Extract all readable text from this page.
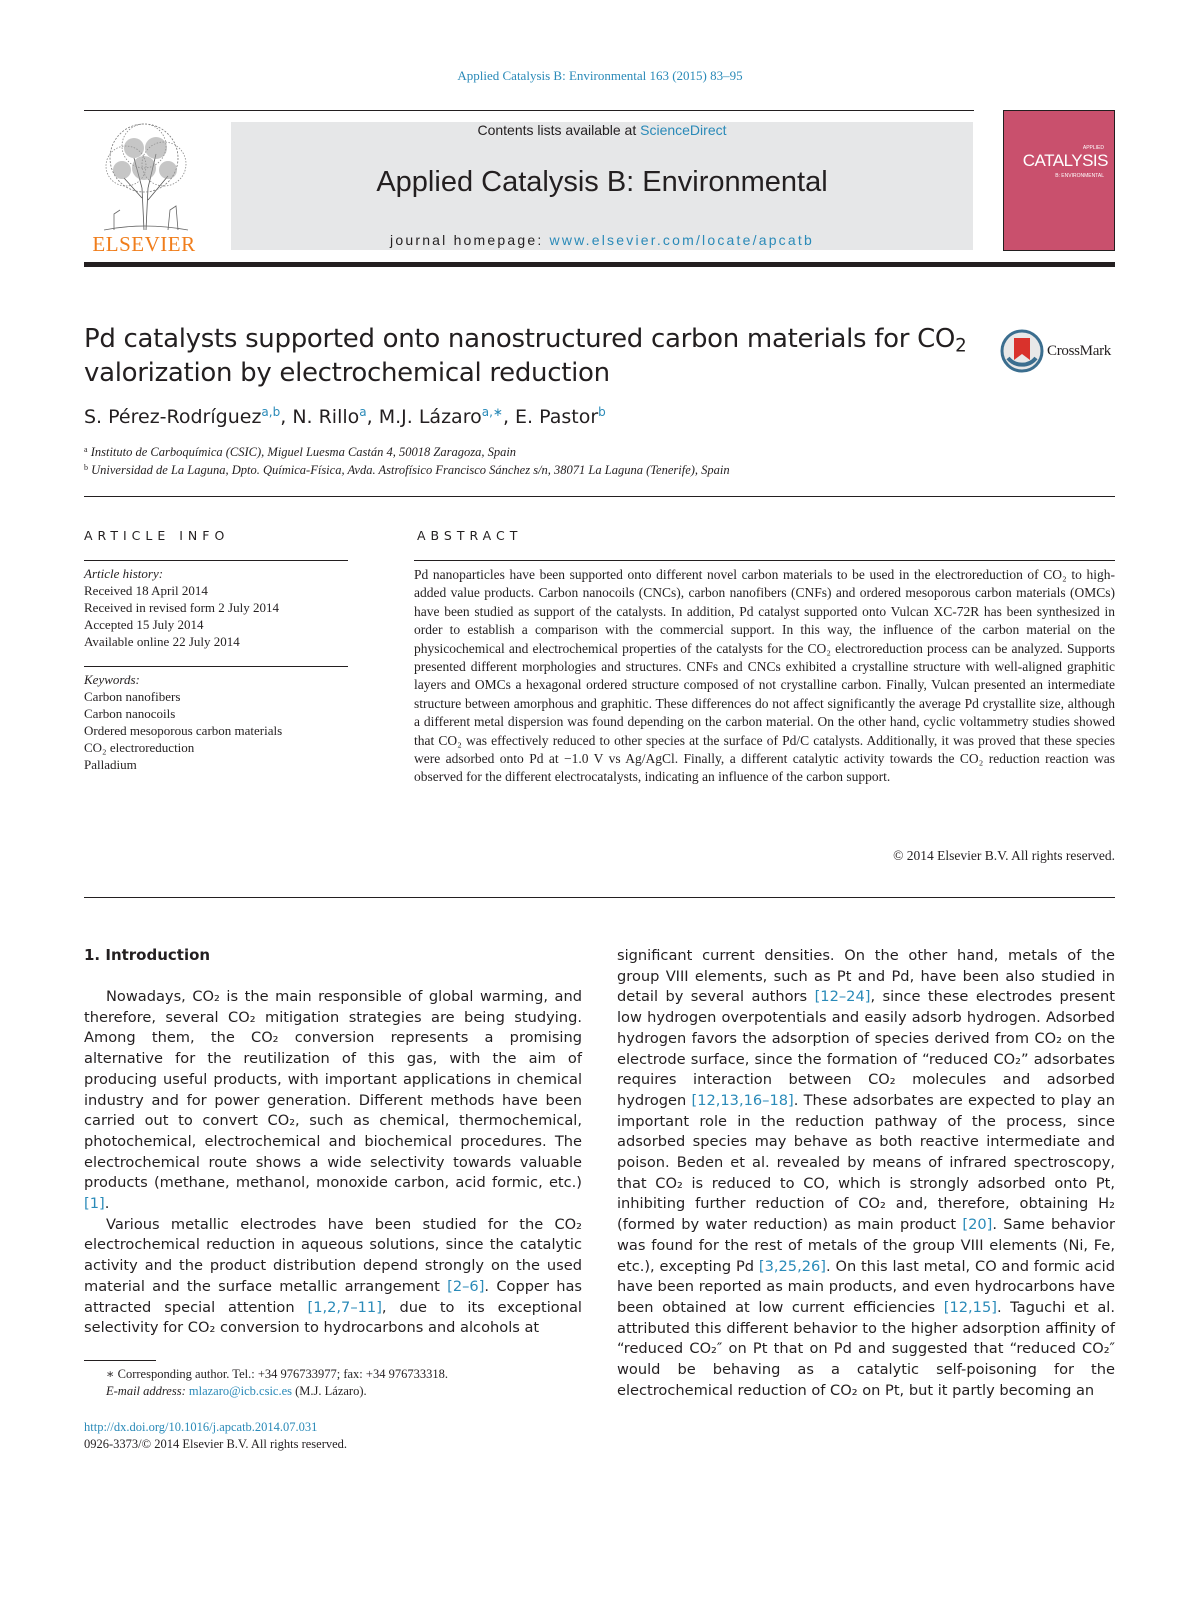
Applied Catalysis B: Environmental 163 (2015) 83–95
ELSEVIER
Contents lists available at ScienceDirect
Applied Catalysis B: Environmental
journal homepage: www.elsevier.com/locate/apcatb
APPLIED
CATALYSIS
B: ENVIRONMENTAL
Pd catalysts supported onto nanostructured carbon materials for $CO_2$
valorization by electrochemical reduction
CrossMark
S. Pérez-Rodríguez$^{a,b}$, N. Rillo$^a$, M.J. Lázaro$^{a,∗}$, E. Pastor$^b$
$^a$ Instituto de Carboquímica (CSIC), Miguel Luesma Castán 4, 50018 Zaragoza, Spain
$^b$ Universidad de La Laguna, Dpto. Química-Física, Avda. Astrofísico Francisco Sánchez s/n, 38071 La Laguna (Tenerife), Spain
ARTICLE INFO	ABSTRACT
Article history:
Received 18 April 2014
Received in revised form 2 July 2014
Accepted 15 July 2014
Available online 22 July 2014
Keywords:
Carbon nanofibers
Carbon nanocoils
Ordered mesoporous carbon materials
CO₂ electroreduction
Palladium
Pd nanoparticles have been supported onto different novel carbon materials to be used in the electroreduction of CO₂ to high-added value products. Carbon nanocoils (CNCs), carbon nanofibers (CNFs) and ordered mesoporous carbon materials (OMCs) have been studied as support of the catalysts. In addition, Pd catalyst supported onto Vulcan XC-72R has been synthesized in order to establish a comparison with the commercial support. In this way, the influence of the carbon material on the physicochemical and electrochemical properties of the catalysts for the CO₂ electroreduction process can be analyzed. Supports presented different morphologies and structures. CNFs and CNCs exhibited a crystalline structure with well-aligned graphitic layers and OMCs a hexagonal ordered structure composed of not crystalline carbon. Finally, Vulcan presented an intermediate structure between amorphous and graphitic. These differences do not affect significantly the average Pd crystallite size, although a different metal dispersion was found depending on the carbon material. On the other hand, cyclic voltammetry studies showed that CO₂ was effectively reduced to other species at the surface of Pd/C catalysts. Additionally, it was proved that these species were adsorbed onto Pd at −1.0 V vs Ag/AgCl. Finally, a different catalytic activity towards the CO₂ reduction reaction was observed for the different electrocatalysts, indicating an influence of the carbon support.
© 2014 Elsevier B.V. All rights reserved.
1. Introduction

Nowadays, CO₂ is the main responsible of global warming, and therefore, several CO₂ mitigation strategies are being studying. Among them, the CO₂ conversion represents a promising alternative for the reutilization of this gas, with the aim of producing useful products, with important applications in chemical industry and for power generation. Different methods have been carried out to convert CO₂, such as chemical, thermochemical, photochemical, electrochemical and biochemical procedures. The electrochemical route shows a wide selectivity towards valuable products (methane, methanol, monoxide carbon, acid formic, etc.) [1].

Various metallic electrodes have been studied for the CO₂ electrochemical reduction in aqueous solutions, since the catalytic activity and the product distribution depend strongly on the used material and the surface metallic arrangement [2–6]. Copper has attracted special attention [1,2,7–11], due to its exceptional selectivity for CO₂ conversion to hydrocarbons and alcohols at

significant current densities. On the other hand, metals of the group VIII elements, such as Pt and Pd, have been also studied in detail by several authors [12–24], since these electrodes present low hydrogen overpotentials and easily adsorb hydrogen. Adsorbed hydrogen favors the adsorption of species derived from CO₂ on the electrode surface, since the formation of “reduced CO₂” adsorbates requires interaction between CO₂ molecules and adsorbed hydrogen [12,13,16–18]. These adsorbates are expected to play an important role in the reduction pathway of the process, since adsorbed species may behave as both reactive intermediate and poison. Beden et al. revealed by means of infrared spectroscopy, that CO₂ is reduced to CO, which is strongly adsorbed onto Pt, inhibiting further reduction of CO₂ and, therefore, obtaining H₂ (formed by water reduction) as main product [20]. Same behavior was found for the rest of metals of the group VIII elements (Ni, Fe, etc.), excepting Pd [3,25,26]. On this last metal, CO and formic acid have been reported as main products, and even hydrocarbons have been obtained at low current efficiencies [12,15]. Taguchi et al. attributed this different behavior to the higher adsorption affinity of “reduced CO₂″ on Pt that on Pd and suggested that “reduced CO₂″ would be behaving as a catalytic self-poisoning for the electrochemical reduction of CO₂ on Pt, but it partly becoming an

∗ Corresponding author. Tel.: +34 976733977; fax: +34 976733318.
E-mail address: mlazaro@icb.csic.es (M.J. Lázaro).
http://dx.doi.org/10.1016/j.apcatb.2014.07.031
0926-3373/© 2014 Elsevier B.V. All rights reserved.
